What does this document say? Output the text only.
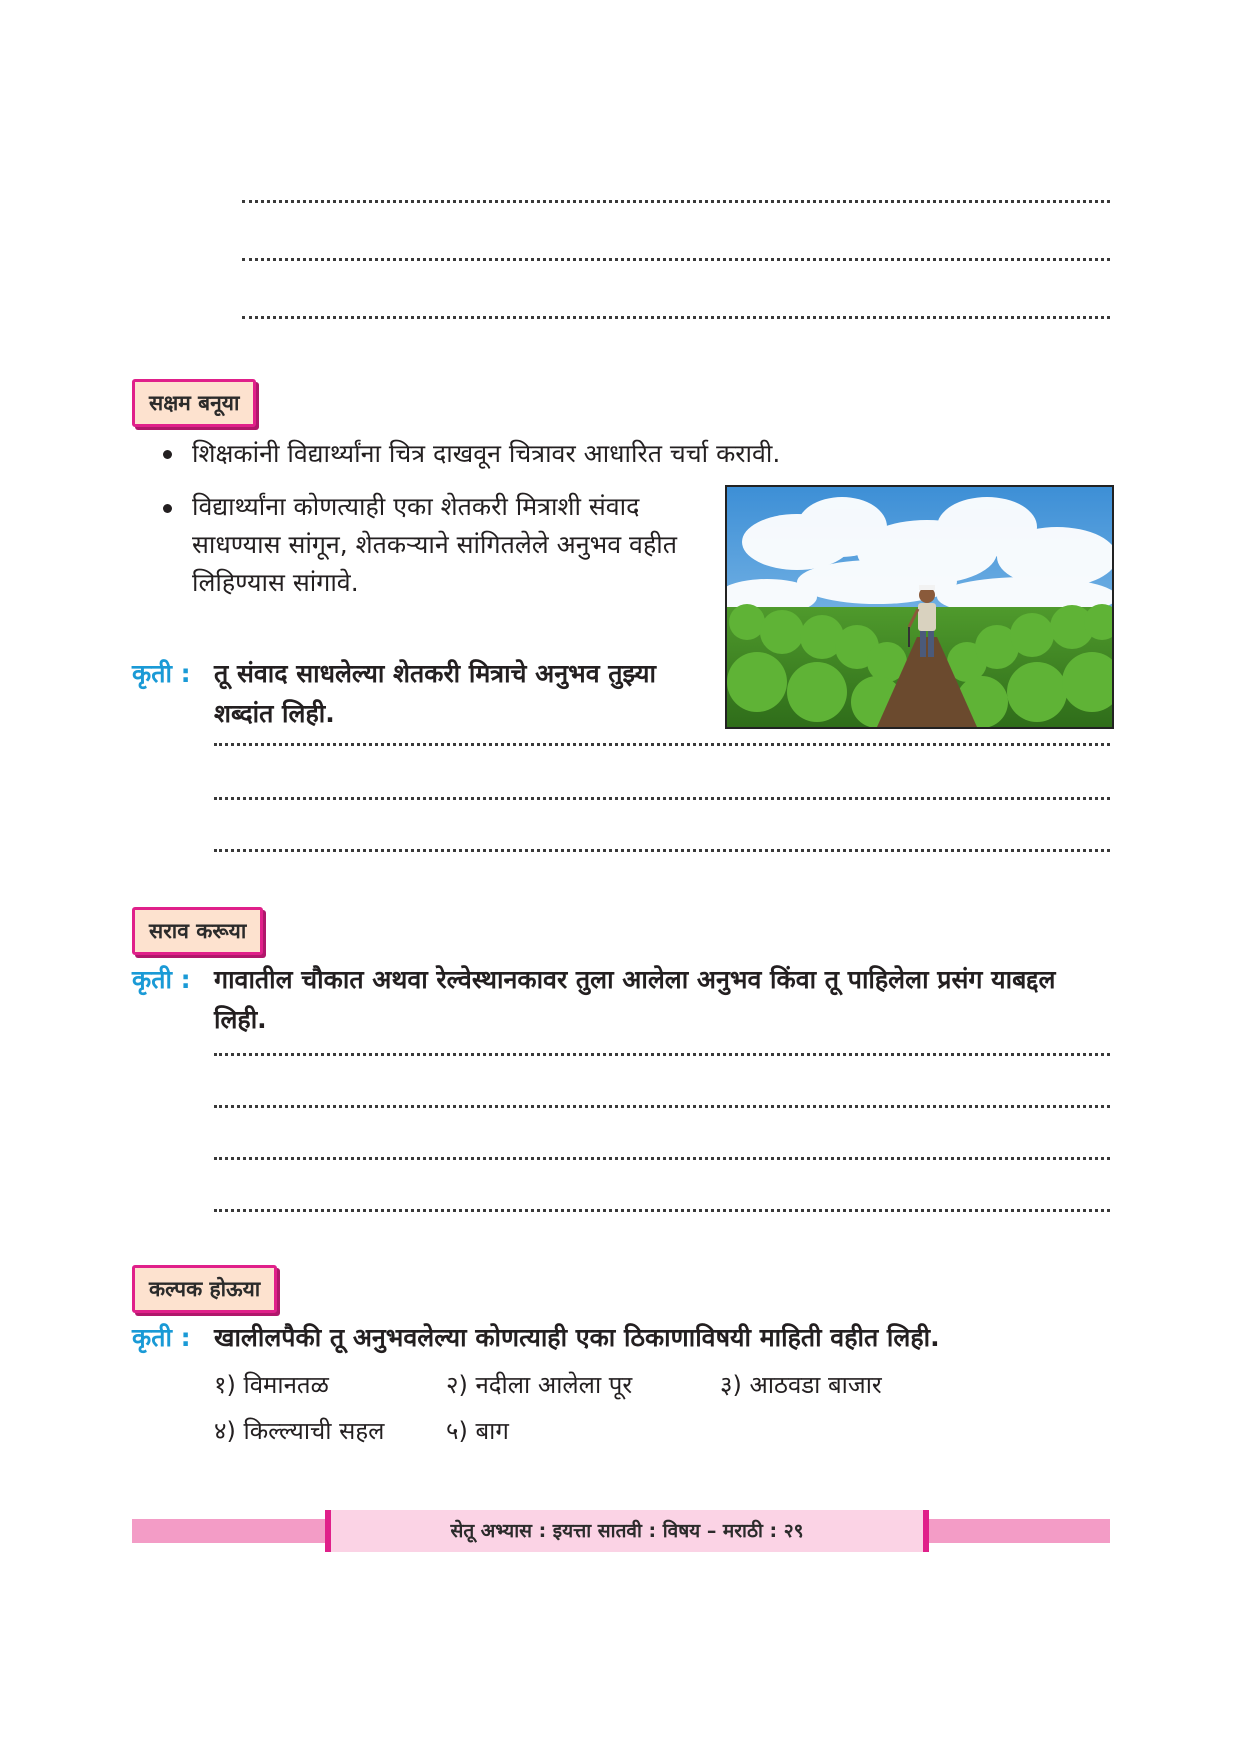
सक्षम बनूया
शिक्षकांनी विद्यार्थ्यांना चित्र दाखवून चित्रावर आधारित चर्चा करावी.
विद्यार्थ्यांना कोणत्याही एका शेतकरी मित्राशी संवाद
साधण्यास सांगून, शेतकऱ्याने सांगितलेले अनुभव वहीत
लिहिण्यास सांगावे.
कृती : तू संवाद साधलेल्या शेतकरी मित्राचे अनुभव तुझ्या
शब्दांत लिही.
सराव करूया
कृती : गावातील चौकात अथवा रेल्वेस्थानकावर तुला आलेला अनुभव किंवा तू पाहिलेला प्रसंग याबद्दल
लिही.
कल्पक होऊया
कृती : खालीलपैकी तू अनुभवलेल्या कोणत्याही एका ठिकाणाविषयी माहिती वहीत लिही.
१) विमानतळ	२) नदीला आलेला पूर	३) आठवडा बाजार
४) किल्ल्याची सहल	५) बाग
सेतू अभ्यास : इयत्ता सातवी : विषय – मराठी : २९
